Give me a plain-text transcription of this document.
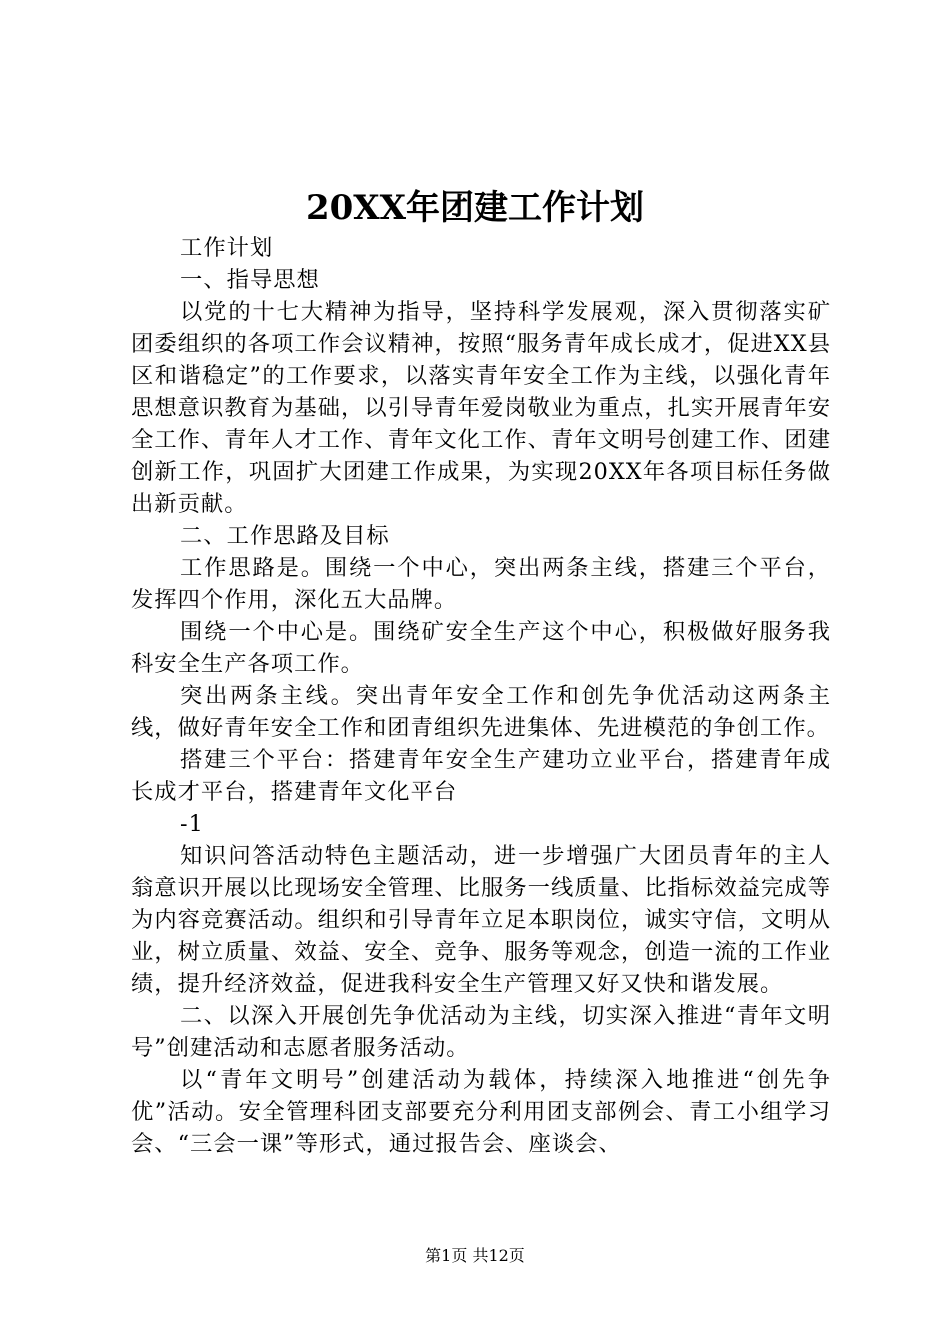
20XX年团建工作计划

工作计划

一、指导思想

以党的十七大精神为指导，坚持科学发展观，深入贯彻落实矿团委组织的各项工作会议精神，按照“服务青年成长成才，促进XX县区和谐稳定”的工作要求，以落实青年安全工作为主线，以强化青年思想意识教育为基础，以引导青年爱岗敬业为重点，扎实开展青年安全工作、青年人才工作、青年文化工作、青年文明号创建工作、团建创新工作，巩固扩大团建工作成果，为实现20XX年各项目标任务做出新贡献。

二、工作思路及目标

工作思路是。围绕一个中心，突出两条主线，搭建三个平台，发挥四个作用，深化五大品牌。

围绕一个中心是。围绕矿安全生产这个中心，积极做好服务我科安全生产各项工作。

突出两条主线。突出青年安全工作和创先争优活动这两条主线，做好青年安全工作和团青组织先进集体、先进模范的争创工作。

搭建三个平台：搭建青年安全生产建功立业平台，搭建青年成长成才平台，搭建青年文化平台

-1

知识问答活动特色主题活动，进一步增强广大团员青年的主人翁意识开展以比现场安全管理、比服务一线质量、比指标效益完成等为内容竞赛活动。组织和引导青年立足本职岗位，诚实守信，文明从业，树立质量、效益、安全、竞争、服务等观念，创造一流的工作业绩，提升经济效益，促进我科安全生产管理又好又快和谐发展。

二、以深入开展创先争优活动为主线，切实深入推进“青年文明号”创建活动和志愿者服务活动。

以“青年文明号”创建活动为载体，持续深入地推进“创先争优”活动。安全管理科团支部要充分利用团支部例会、青工小组学习会、“三会一课”等形式，通过报告会、座谈会、

第1页 共12页
